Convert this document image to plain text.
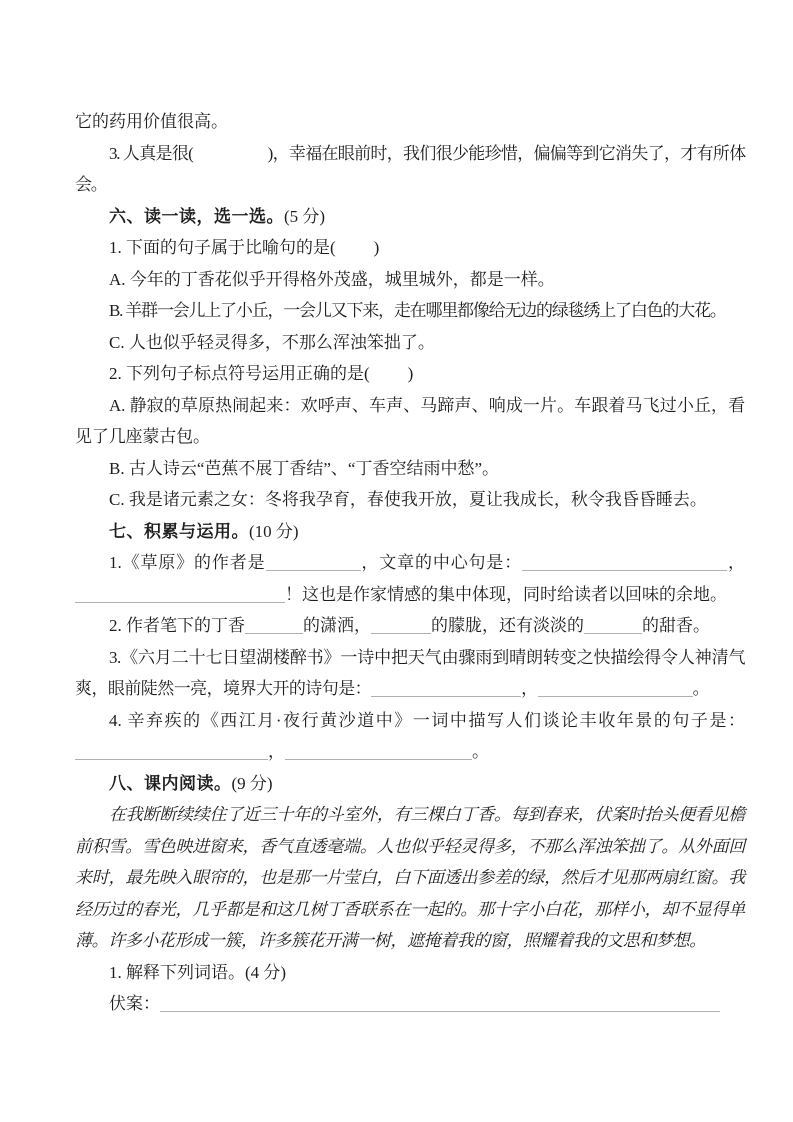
它的药用价值很高。

3. 人真是很(	)，幸福在眼前时，我们很少能珍惜，偏偏等到它消失了，才有所体会。

六、读一读，选一选。(5 分)

1. 下面的句子属于比喻句的是( )

A. 今年的丁香花似乎开得格外茂盛，城里城外，都是一样。

B. 羊群一会儿上了小丘，一会儿又下来，走在哪里都像给无边的绿毯绣上了白色的大花。

C. 人也似乎轻灵得多，不那么浑浊笨拙了。

2. 下列句子标点符号运用正确的是( )

A. 静寂的草原热闹起来：欢呼声、车声、马蹄声、响成一片。车跟着马飞过小丘，看见了几座蒙古包。

B. 古人诗云“芭蕉不展丁香结”、“丁香空结雨中愁”。

C. 我是诸元素之女：冬将我孕育，春使我开放，夏让我成长，秋令我昏昏睡去。

七、积累与运用。(10 分)

1.《草原》的作者是	，文章的中心句是：	，！这也是作家情感的集中体现，同时给读者以回味的余地。

2. 作者笔下的丁香	的潇洒，	的朦胧，还有淡淡的	的甜香。

3.《六月二十七日望湖楼醉书》一诗中把天气由骤雨到晴朗转变之快描绘得令人神清气爽，眼前陡然一亮，境界大开的诗句是：	，	。

4. 辛弃疾的《西江月·夜行黄沙道中》一词中描写人们谈论丰收年景的句子是：，	。

八、课内阅读。(9 分)

在我断断续续住了近三十年的斗室外，有三棵白丁香。每到春来，伏案时抬头便看见檐前积雪。雪色映进窗来，香气直透毫端。人也似乎轻灵得多，不那么浑浊笨拙了。从外面回来时，最先映入眼帘的，也是那一片莹白，白下面透出参差的绿，然后才见那两扇红窗。我经历过的春光，几乎都是和这几树丁香联系在一起的。那十字小白花，那样小，却不显得单薄。许多小花形成一簇，许多簇花开满一树，遮掩着我的窗，照耀着我的文思和梦想。

1. 解释下列词语。(4 分)

伏案：
